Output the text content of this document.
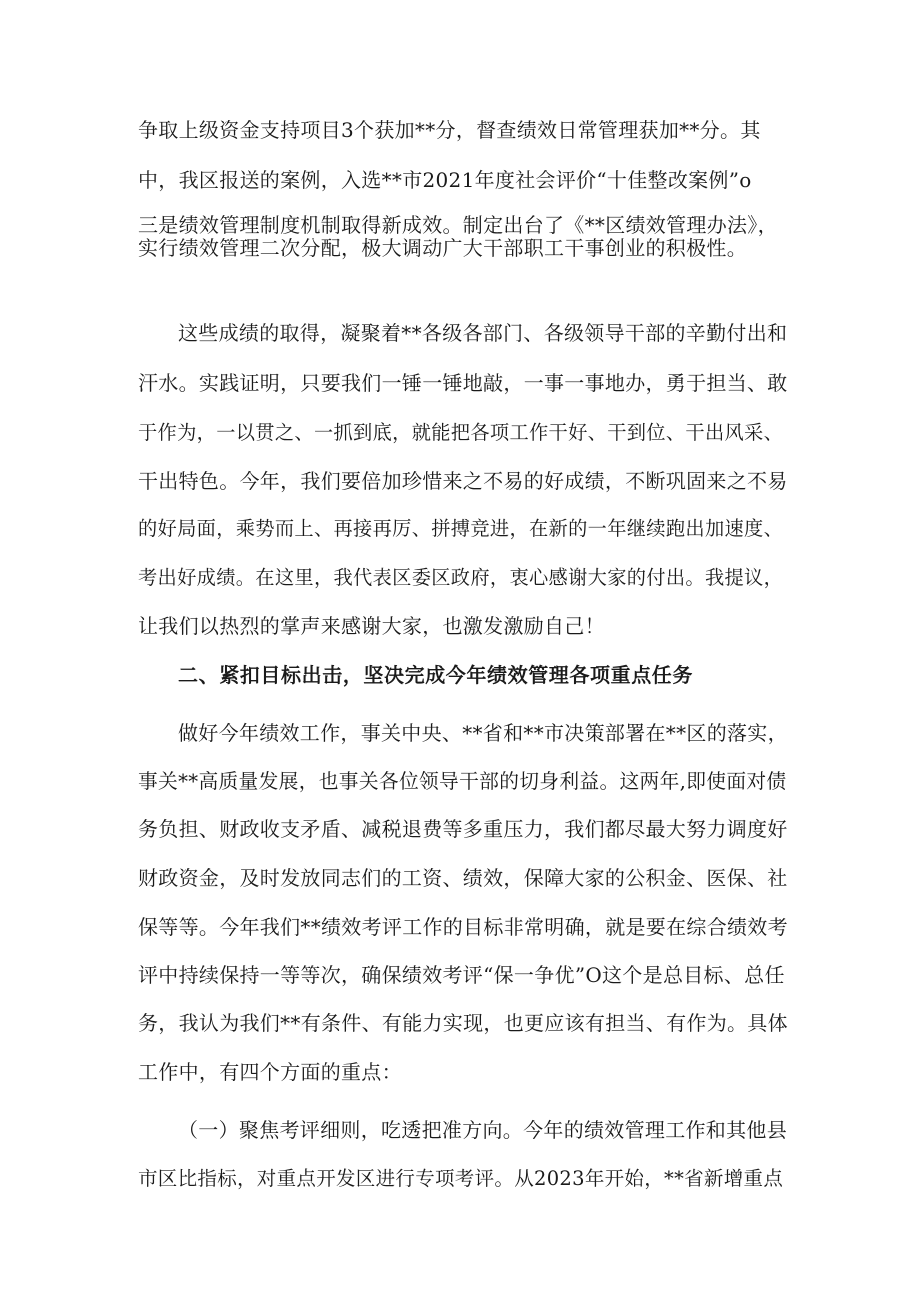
争取上级资金支持项目3个获加**分，督查绩效日常管理获加**分。其
中，我区报送的案例，入选**市2021年度社会评价“十佳整改案例”o
三是绩效管理制度机制取得新成效。制定出台了《**区绩效管理办法》，
实行绩效管理二次分配，极大调动广大干部职工干事创业的积极性。
这些成绩的取得，凝聚着**各级各部门、各级领导干部的辛勤付出和
汗水。实践证明，只要我们一锤一锤地敲，一事一事地办，勇于担当、敢
于作为，一以贯之、一抓到底，就能把各项工作干好、干到位、干出风采、
干出特色。今年，我们要倍加珍惜来之不易的好成绩，不断巩固来之不易
的好局面，乘势而上、再接再厉、拼搏竞进，在新的一年继续跑出加速度、
考出好成绩。在这里，我代表区委区政府，衷心感谢大家的付出。我提议，
让我们以热烈的掌声来感谢大家，也激发激励自己！
二、紧扣目标出击，坚决完成今年绩效管理各项重点任务
做好今年绩效工作，事关中央、**省和**市决策部署在**区的落实，
事关**高质量发展，也事关各位领导干部的切身利益。这两年,即使面对债
务负担、财政收支矛盾、减税退费等多重压力，我们都尽最大努力调度好
财政资金，及时发放同志们的工资、绩效，保障大家的公积金、医保、社
保等等。今年我们**绩效考评工作的目标非常明确，就是要在综合绩效考
评中持续保持一等等次，确保绩效考评“保一争优”O这个是总目标、总任
务，我认为我们**有条件、有能力实现，也更应该有担当、有作为。具体
工作中，有四个方面的重点：
（一）聚焦考评细则，吃透把准方向。今年的绩效管理工作和其他县
市区比指标，对重点开发区进行专项考评。从2023年开始，**省新增重点
